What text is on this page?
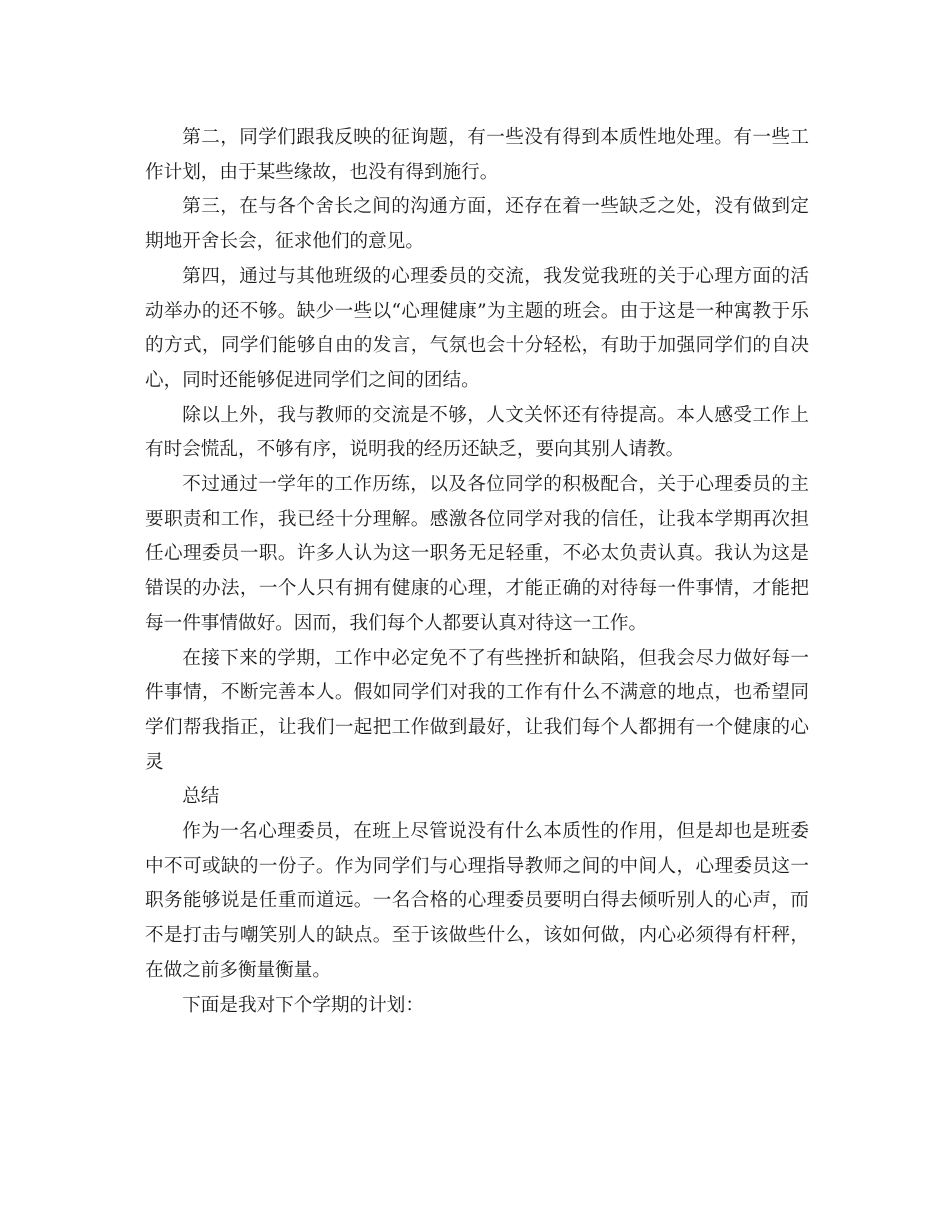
第二，同学们跟我反映的征询题，有一些没有得到本质性地处理。有一些工作计划，由于某些缘故，也没有得到施行。

第三，在与各个舍长之间的沟通方面，还存在着一些缺乏之处，没有做到定期地开舍长会，征求他们的意见。

第四，通过与其他班级的心理委员的交流，我发觉我班的关于心理方面的活动举办的还不够。缺少一些以“心理健康”为主题的班会。由于这是一种寓教于乐的方式，同学们能够自由的发言，气氛也会十分轻松，有助于加强同学们的自决心，同时还能够促进同学们之间的团结。

除以上外，我与教师的交流是不够，人文关怀还有待提高。本人感受工作上有时会慌乱，不够有序，说明我的经历还缺乏，要向其别人请教。

不过通过一学年的工作历练，以及各位同学的积极配合，关于心理委员的主要职责和工作，我已经十分理解。感激各位同学对我的信任，让我本学期再次担任心理委员一职。许多人认为这一职务无足轻重，不必太负责认真。我认为这是错误的办法，一个人只有拥有健康的心理，才能正确的对待每一件事情，才能把每一件事情做好。因而，我们每个人都要认真对待这一工作。

在接下来的学期，工作中必定免不了有些挫折和缺陷，但我会尽力做好每一件事情，不断完善本人。假如同学们对我的工作有什么不满意的地点，也希望同学们帮我指正，让我们一起把工作做到最好，让我们每个人都拥有一个健康的心灵

总结

作为一名心理委员，在班上尽管说没有什么本质性的作用，但是却也是班委中不可或缺的一份子。作为同学们与心理指导教师之间的中间人，心理委员这一职务能够说是任重而道远。一名合格的心理委员要明白得去倾听别人的心声，而不是打击与嘲笑别人的缺点。至于该做些什么，该如何做，内心必须得有杆秤，在做之前多衡量衡量。

下面是我对下个学期的计划：
